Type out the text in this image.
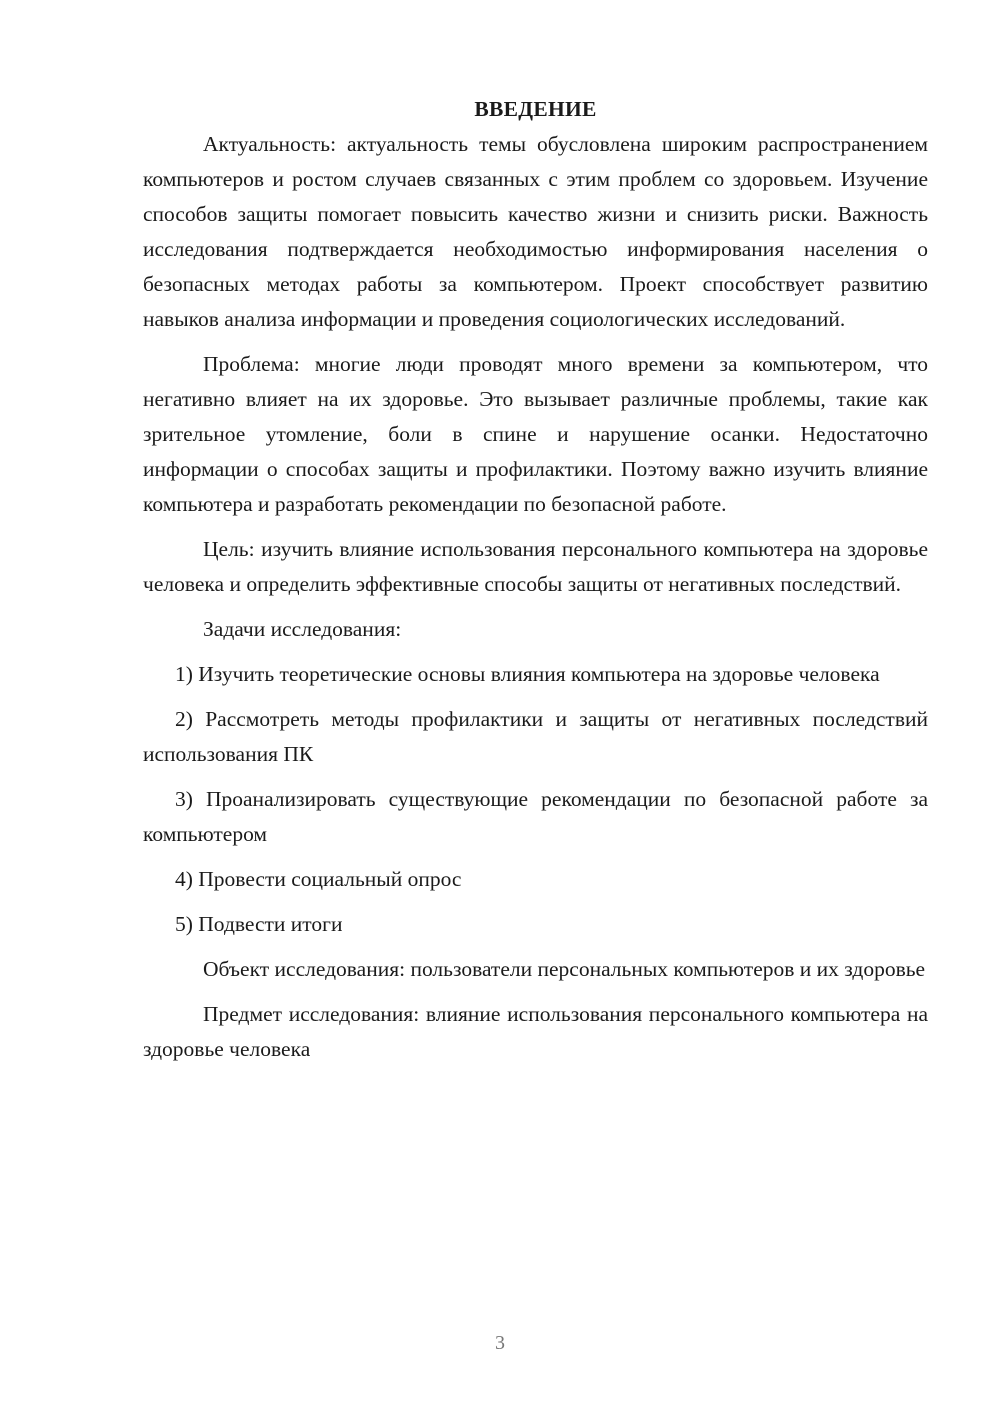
ВВЕДЕНИЕ

Актуальность: актуальность темы обусловлена широким распространением компьютеров и ростом случаев связанных с этим проблем со здоровьем. Изучение способов защиты помогает повысить качество жизни и снизить риски. Важность исследования подтверждается необходимостью информирования населения о безопасных методах работы за компьютером. Проект способствует развитию навыков анализа информации и проведения социологических исследований.

Проблема: многие люди проводят много времени за компьютером, что негативно влияет на их здоровье. Это вызывает различные проблемы, такие как зрительное утомление, боли в спине и нарушение осанки. Недостаточно информации о способах защиты и профилактики. Поэтому важно изучить влияние компьютера и разработать рекомендации по безопасной работе.

Цель: изучить влияние использования персонального компьютера на здоровье человека и определить эффективные способы защиты от негативных последствий.

Задачи исследования:

1) Изучить теоретические основы влияния компьютера на здоровье человека

2) Рассмотреть методы профилактики и защиты от негативных последствий использования ПК

3) Проанализировать существующие рекомендации по безопасной работе за компьютером

4) Провести социальный опрос

5) Подвести итоги

Объект исследования: пользователи персональных компьютеров и их здоровье

Предмет исследования: влияние использования персонального компьютера на здоровье человека

3
